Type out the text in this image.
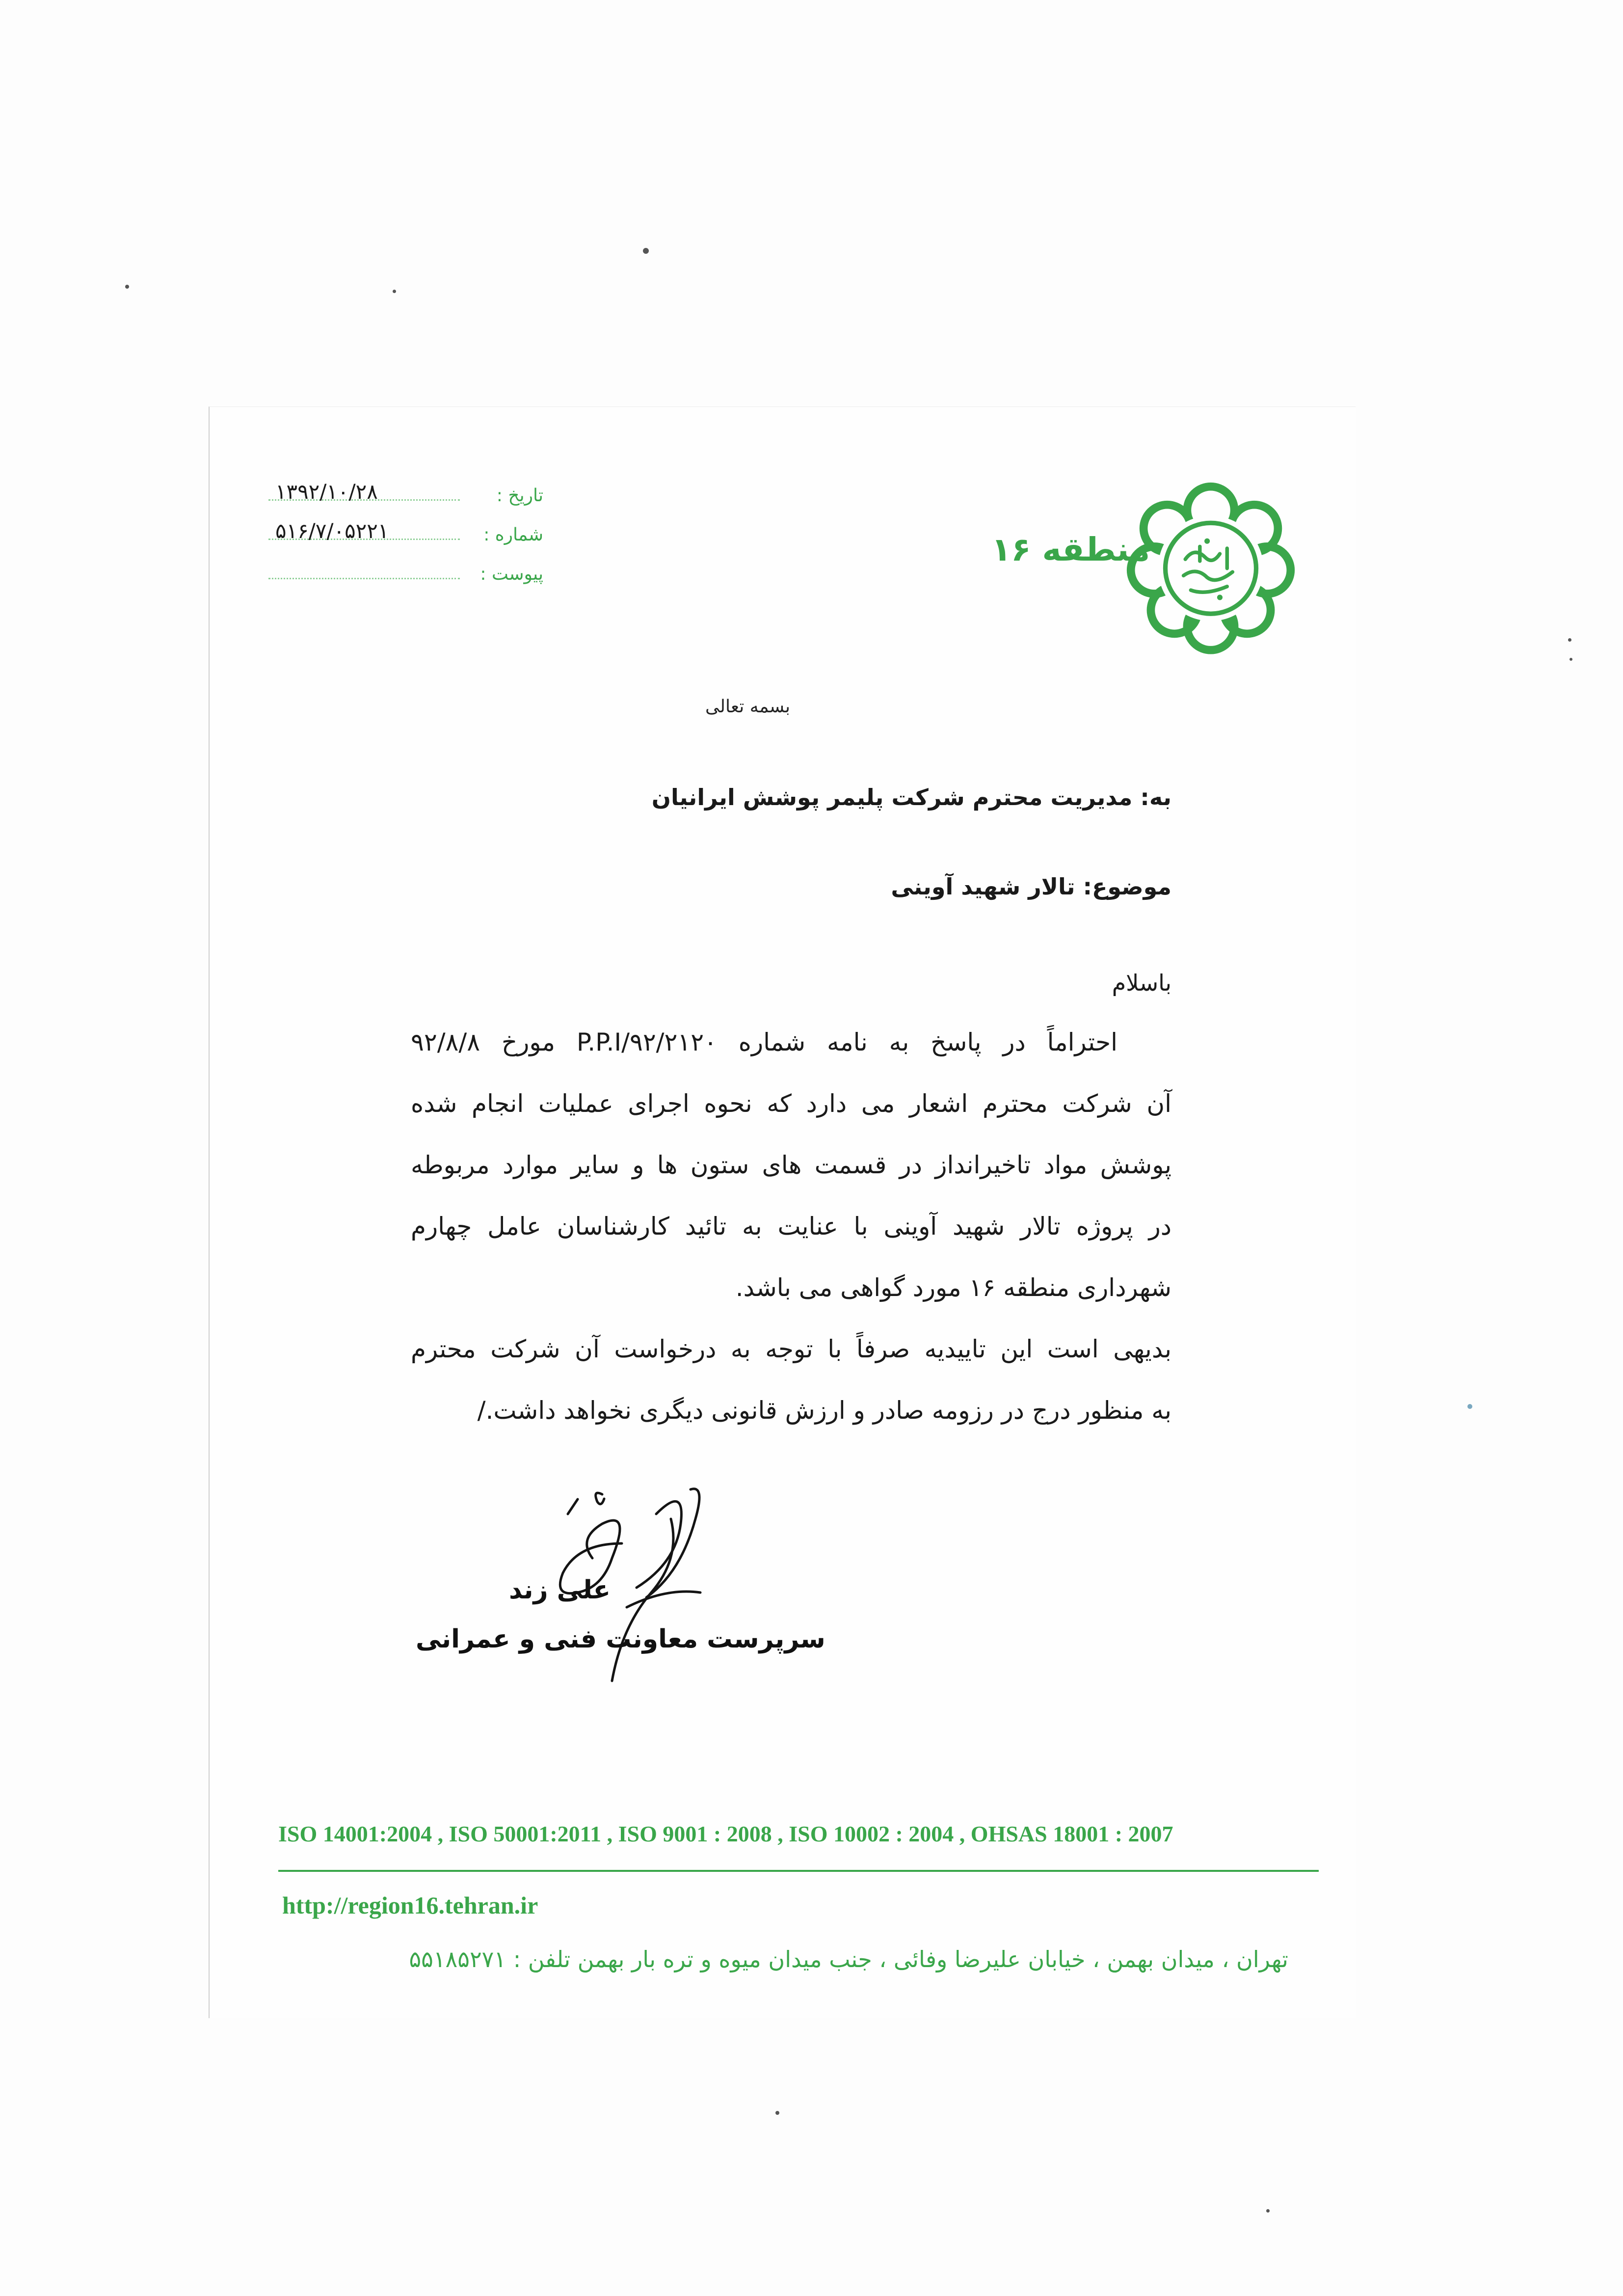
۱۳۹۲/۱۰/۲۸	تاریخ :
۵۱۶/۷/۰۵۲۲۱	شماره :
پیوست :
منطقه ۱۶
بسمه تعالی
به: مدیریت محترم شرکت پلیمر پوشش ایرانیان
موضوع: تالار شهید آوینی
باسلام
احتراماً در پاسخ به نامه شماره P.P.I/۹۲/۲۱۲۰ مورخ ۹۲/۸/۸
آن شرکت محترم اشعار می دارد که نحوه اجرای عملیات انجام شده
پوشش مواد تاخیرانداز در قسمت های ستون ها و سایر موارد مربوطه
در پروژه تالار شهید آوینی با عنایت به تائید کارشناسان عامل چهارم
شهرداری منطقه ۱۶ مورد گواهی می باشد.
بدیهی است این تاییدیه صرفاً با توجه به درخواست آن شرکت محترم
به منظور درج در رزومه صادر و ارزش قانونی دیگری نخواهد داشت./
علی زند
سرپرست معاونت فنی و عمرانی
ISO 14001:2004 , ISO 50001:2011 , ISO 9001 : 2008 , ISO 10002 : 2004 , OHSAS 18001 : 2007
http://region16.tehran.ir
تهران ، میدان بهمن ، خیابان علیرضا وفائی ، جنب میدان میوه و تره بار بهمن تلفن : ۵۵۱۸۵۲۷۱
